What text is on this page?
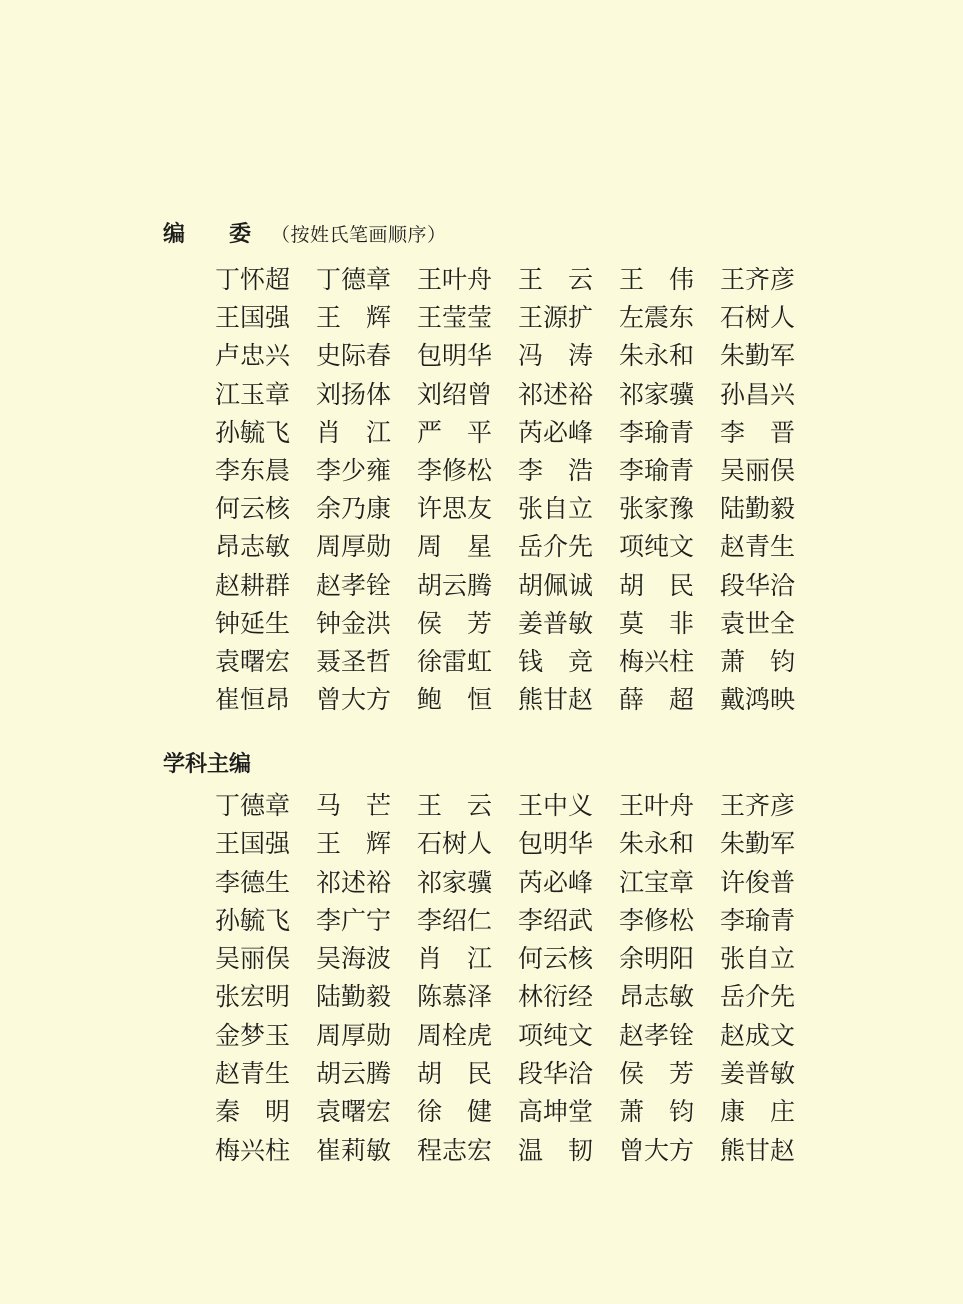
编　　委 （按姓氏笔画顺序）
丁怀超 丁德章 王叶舟 王　云 王　伟 王齐彦
王国强 王　辉 王莹莹 王源扩 左震东 石树人
卢忠兴 史际春 包明华 冯　涛 朱永和 朱勤军
江玉章 刘扬体 刘绍曾 祁述裕 祁家骥 孙昌兴
孙毓飞 肖　江 严　平 芮必峰 李瑜青 李　晋
李东晨 李少雍 李修松 李　浩 李瑜青 吴丽俣
何云核 余乃康 许思友 张自立 张家豫 陆勤毅
昂志敏 周厚勋 周　星 岳介先 项纯文 赵青生
赵耕群 赵孝铨 胡云腾 胡佩诚 胡　民 段华洽
钟延生 钟金洪 侯　芳 姜普敏 莫　非 袁世全
袁曙宏 聂圣哲 徐雷虹 钱　竞 梅兴柱 萧　钧
崔恒昂 曾大方 鲍　恒 熊甘赵 薛　超 戴鸿映
学科主编
丁德章 马　芒 王　云 王中义 王叶舟 王齐彦
王国强 王　辉 石树人 包明华 朱永和 朱勤军
李德生 祁述裕 祁家骥 芮必峰 江宝章 许俊普
孙毓飞 李广宁 李绍仁 李绍武 李修松 李瑜青
吴丽俣 吴海波 肖　江 何云核 余明阳 张自立
张宏明 陆勤毅 陈慕泽 林衍经 昂志敏 岳介先
金梦玉 周厚勋 周栓虎 项纯文 赵孝铨 赵成文
赵青生 胡云腾 胡　民 段华洽 侯　芳 姜普敏
秦　明 袁曙宏 徐　健 高坤堂 萧　钧 康　庄
梅兴柱 崔莉敏 程志宏 温　韧 曾大方 熊甘赵
